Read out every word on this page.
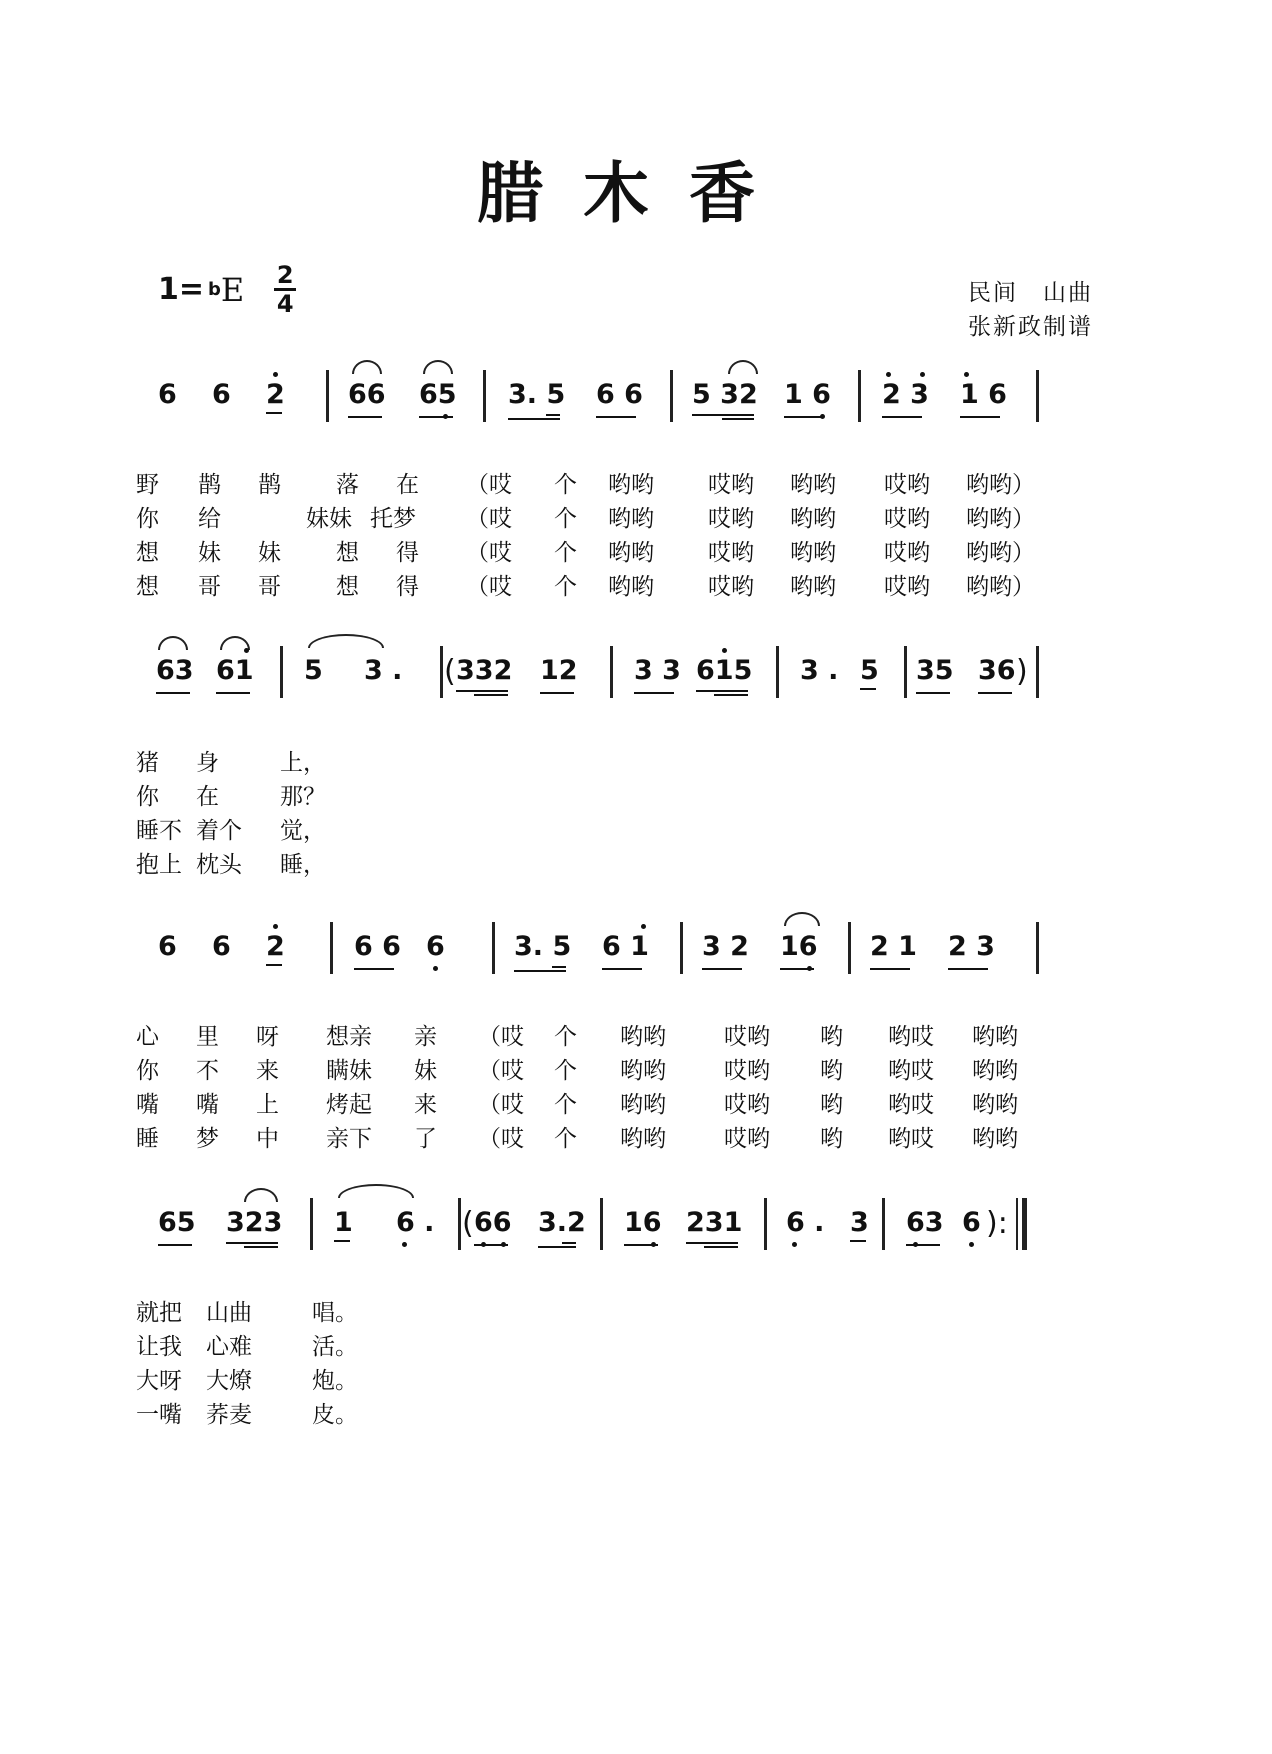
腊木香
1= b E 2
4	民间　山曲
张新政制谱
6 6 2 66 65 3. 5 6 6 5 32 1 6 2 3 1 6
野 鹊 鹊 落 在 （哎 个 哟哟 哎哟 哟哟 哎哟 哟哟）
你 给	妹妹 托梦 （哎 个 哟哟 哎哟 哟哟 哎哟 哟哟）
想 妹 妹 想 得 （哎 个 哟哟 哎哟 哟哟 哎哟 哟哟）
想 哥 哥 想 得 （哎 个 哟哟 哎哟 哟哟 哎哟 哟哟）
63 61 5 3 . ( 332 12 3 3 615 3 . 5 35 36 )
猪 身	上，
你 在	那？
睡不 着个 觉，
抱上 枕头 睡，
6 6 2	6 6 6	3. 5 6 1 3 2 16 2 1 2 3
心 里 呀 想亲 亲 （哎 个 哟哟	哎哟 哟 哟哎 哟哟
你 不 来 瞒妹 妹 （哎 个 哟哟	哎哟 哟 哟哎 哟哟
嘴 嘴 上 烤起 来 （哎 个 哟哟	哎哟 哟 哟哎 哟哟
睡 梦 中 亲下 了 （哎 个 哟哟	哎哟 哟 哟哎 哟哟
65 323 1 6 . ( 66 3.2 16 231 6 . 3 63 6 ):
就把 山曲	唱。
让我 心难	活。
大呀 大燎	炮。
一嘴 荞麦	皮。
